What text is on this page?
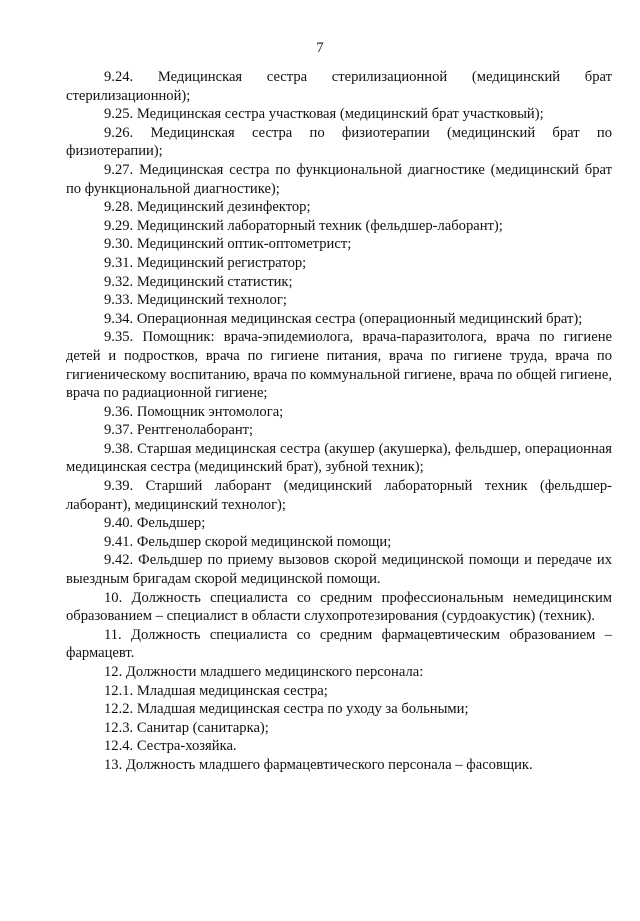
7

9.24. Медицинская сестра стерилизационной (медицинский брат стерилизационной);

9.25. Медицинская сестра участковая (медицинский брат участковый);

9.26. Медицинская сестра по физиотерапии (медицинский брат по физиотерапии);

9.27. Медицинская сестра по функциональной диагностике (медицинский брат по функциональной диагностике);

9.28. Медицинский дезинфектор;

9.29. Медицинский лабораторный техник (фельдшер-лаборант);

9.30. Медицинский оптик-оптометрист;

9.31. Медицинский регистратор;

9.32. Медицинский статистик;

9.33. Медицинский технолог;

9.34. Операционная медицинская сестра (операционный медицинский брат);

9.35. Помощник: врача-эпидемиолога, врача-паразитолога, врача по гигиене детей и подростков, врача по гигиене питания, врача по гигиене труда, врача по гигиеническому воспитанию, врача по коммунальной гигиене, врача по общей гигиене, врача по радиационной гигиене;

9.36. Помощник энтомолога;

9.37. Рентгенолаборант;

9.38. Старшая медицинская сестра (акушер (акушерка), фельдшер, операционная медицинская сестра (медицинский брат), зубной техник);

9.39. Старший лаборант (медицинский лабораторный техник (фельдшер-лаборант), медицинский технолог);

9.40. Фельдшер;

9.41. Фельдшер скорой медицинской помощи;

9.42. Фельдшер по приему вызовов скорой медицинской помощи и передаче их выездным бригадам скорой медицинской помощи.

10. Должность специалиста со средним профессиональным немедицинским образованием – специалист в области слухопротезирования (сурдоакустик) (техник).

11. Должность специалиста со средним фармацевтическим образованием – фармацевт.

12. Должности младшего медицинского персонала:

12.1. Младшая медицинская сестра;

12.2. Младшая медицинская сестра по уходу за больными;

12.3. Санитар (санитарка);

12.4. Сестра-хозяйка.

13. Должность младшего фармацевтического персонала – фасовщик.
